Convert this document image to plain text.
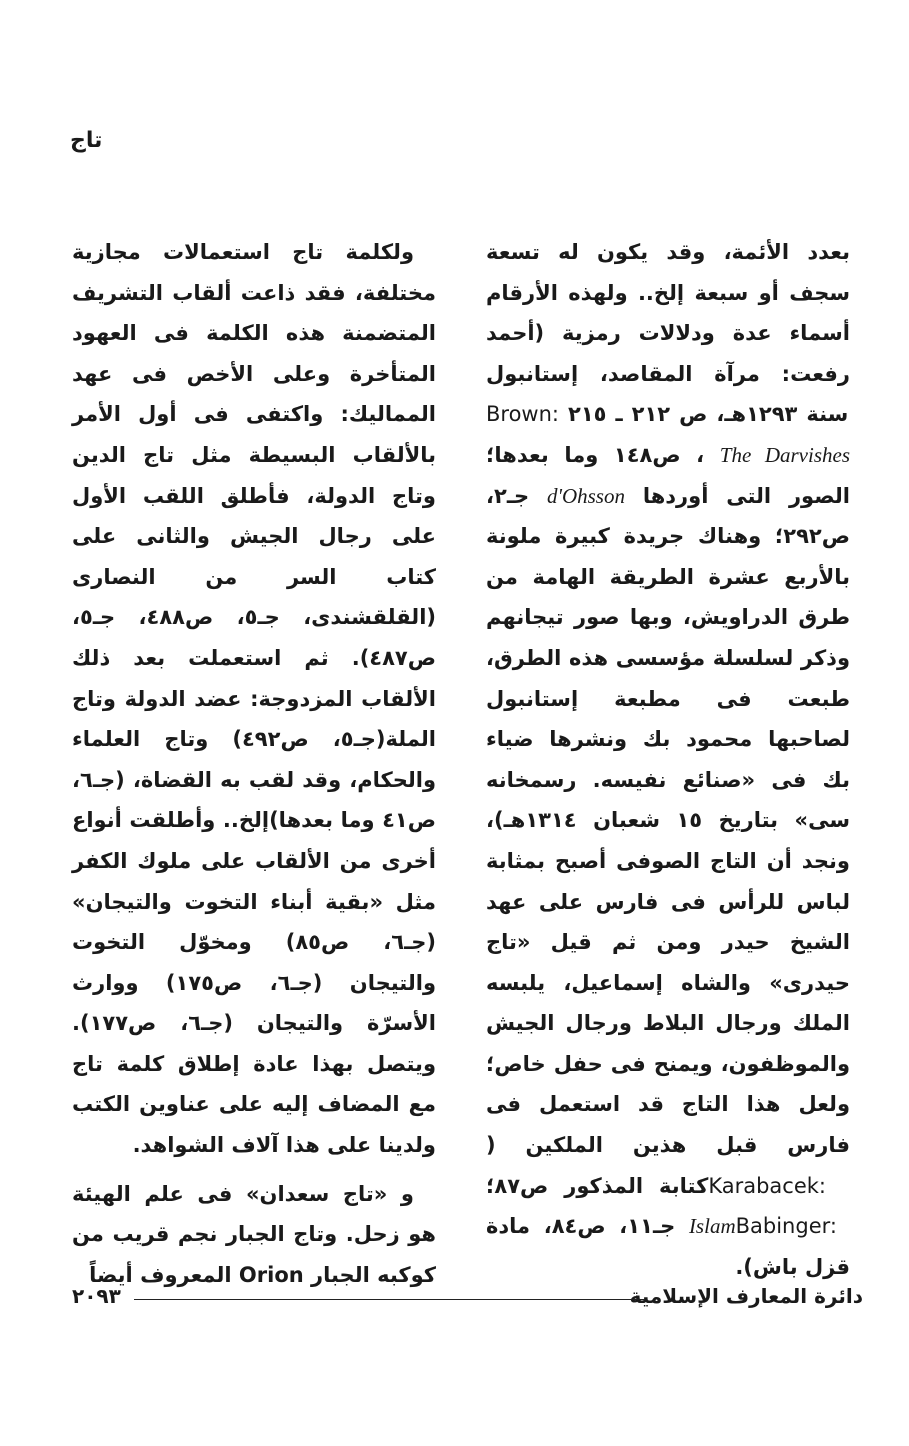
تاج

بعدد الأئمة، وقد يكون له تسعة سجف أو سبعة إلخ.. ولهذه الأرقام أسماء عدة ودلالات رمزية (أحمد رفعت: مرآة المقاصد، إستانبول سنة ١٢٩٣هـ، ص ٢١٢ ـ ٢١٥ Brown: The Darvishes ، ص١٤٨ وما بعدها؛ الصور التى أوردها d'Ohsson جـ٢، ص٢٩٢؛ وهناك جريدة كبيرة ملونة بالأربع عشرة الطريقة الهامة من طرق الدراويش، وبها صور تيجانهم وذكر لسلسلة مؤسسى هذه الطرق، طبعت فى مطبعة إستانبول لصاحبها محمود بك ونشرها ضياء بك فى «صنائع نفيسه. رسمخانه سى» بتاريخ ١٥ شعبان ١٣١٤هـ)، ونجد أن التاج الصوفى أصبح بمثابة لباس للرأس فى فارس على عهد الشيخ حيدر ومن ثم قيل «تاج حيدرى» والشاه إسماعيل، يلبسه الملك ورجال البلاط ورجال الجيش والموظفون، ويمنح فى حفل خاص؛ ولعل هذا التاج قد استعمل فى فارس قبل هذين الملكين ( Karabacek: كتابة المذكور ص٨٧؛ Babinger: Islam جـ١١، ص٨٤، مادة قزل باش).

ولكلمة تاج استعمالات مجازية مختلفة، فقد ذاعت ألقاب التشريف المتضمنة هذه الكلمة فى العهود المتأخرة وعلى الأخص فى عهد المماليك: واكتفى فى أول الأمر بالألقاب البسيطة مثل تاج الدين وتاج الدولة، فأطلق اللقب الأول على رجال الجيش والثانى على كتاب السر من النصارى (القلقشندى، جـ٥، ص٤٨٨، جـ٥، ص٤٨٧). ثم استعملت بعد ذلك الألقاب المزدوجة: عضد الدولة وتاج الملة(جـ٥، ص٤٩٢) وتاج العلماء والحكام، وقد لقب به القضاة، (جـ٦، ص٤١ وما بعدها)إلخ.. وأطلقت أنواع أخرى من الألقاب على ملوك الكفر مثل «بقية أبناء التخوت والتيجان» (جـ٦، ص٨٥) ومخوّل التخوت والتيجان (جـ٦، ص١٧٥) ووارث الأسرّة والتيجان (جـ٦، ص١٧٧). ويتصل بهذا عادة إطلاق كلمة تاج مع المضاف إليه على عناوين الكتب ولدينا على هذا آلاف الشواهد.

و «تاج سعدان» فى علم الهيئة هو زحل. وتاج الجبار نجم قريب من كوكبه الجبار Orion المعروف أيضاً

دائرة المعارف الإسلامية
٢٠٩٣
